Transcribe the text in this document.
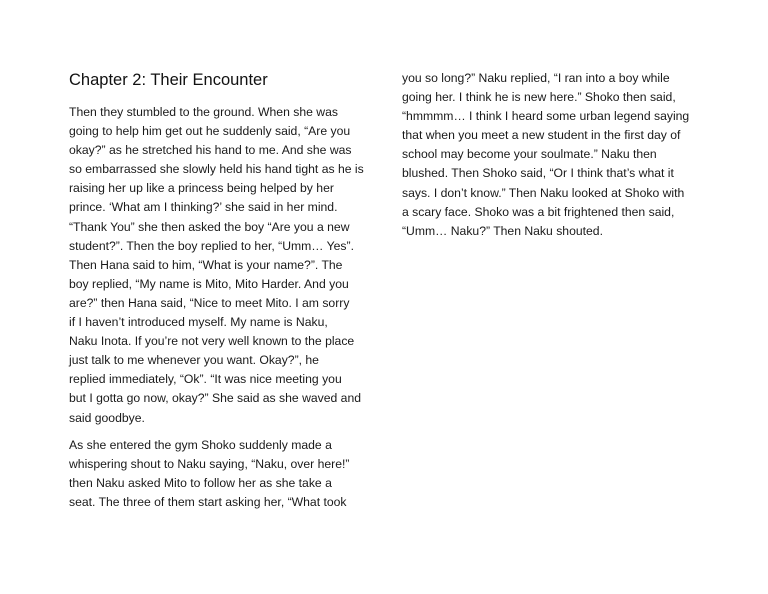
Chapter 2: Their Encounter

Then they stumbled to the ground. When she was
going to help him get out he suddenly said, “Are you
okay?” as he stretched his hand to me. And she was
so embarrassed she slowly held his hand tight as he is
raising her up like a princess being helped by her
prince. ‘What am I thinking?’ she said in her mind.
“Thank You” she then asked the boy “Are you a new
student?”. Then the boy replied to her, “Umm… Yes”.
Then Hana said to him, “What is your name?”. The
boy replied, “My name is Mito, Mito Harder. And you
are?” then Hana said, “Nice to meet Mito. I am sorry
if I haven’t introduced myself. My name is Naku,
Naku Inota. If you’re not very well known to the place
just talk to me whenever you want. Okay?”, he
replied immediately, “Ok”. “It was nice meeting you
but I gotta go now, okay?” She said as she waved and
said goodbye.

As she entered the gym Shoko suddenly made a
whispering shout to Naku saying, “Naku, over here!”
then Naku asked Mito to follow her as she take a
seat. The three of them start asking her, “What took

you so long?” Naku replied, “I ran into a boy while
going her. I think he is new here.” Shoko then said,
“hmmmm… I think I heard some urban legend saying
that when you meet a new student in the first day of
school may become your soulmate.” Naku then
blushed. Then Shoko said, “Or I think that’s what it
says. I don’t know.” Then Naku looked at Shoko with
a scary face. Shoko was a bit frightened then said,
“Umm… Naku?” Then Naku shouted.
